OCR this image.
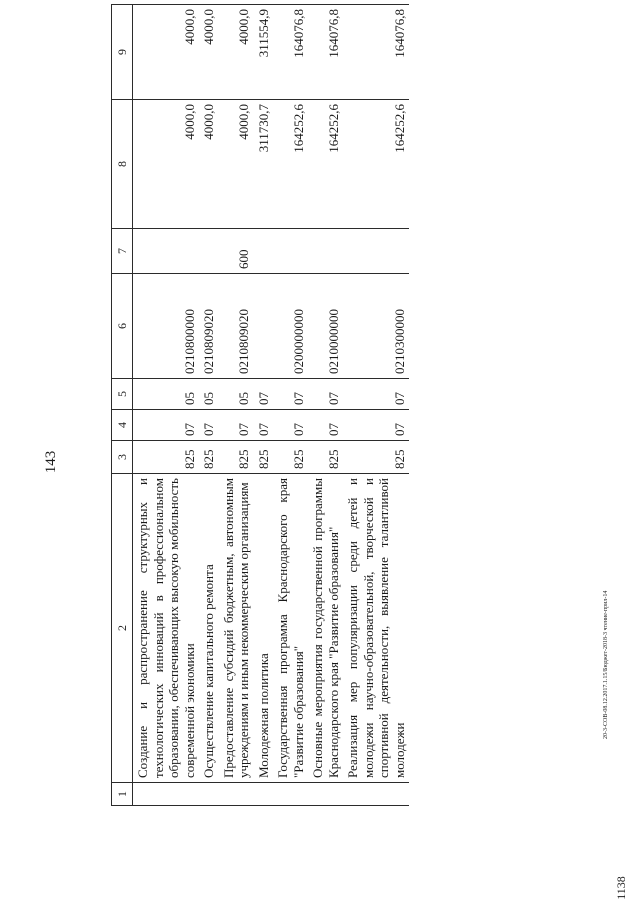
143
1	2	3	4	5	6	7	8	9
	Создание и распространение структурных и технологических инноваций в профессиональном образовании, обеспечивающих высокую мобильность современной экономики	825	07	05	0210800000		4000,0	4000,0
	Осуществление капитального ремонта	825	07	05	0210809020		4000,0	4000,0
	Предоставление субсидий бюджетным, автономным учреждениям и иным некоммерческим организациям	825	07	05	0210809020	600	4000,0	4000,0
	Молодежная политика	825	07	07			311730,7	311554,9
	Государственная программа Краснодарского края "Развитие образования"	825	07	07	0200000000		164252,6	164076,8
	Основные мероприятия государственной программы Краснодарского края "Развитие образования"	825	07	07	0210000000		164252,6	164076,8
	Реализация мер популяризации среди детей и молодежи научно-образовательной, творческой и спортивной деятельности, выявление талантливой молодежи	825	07	07	0210300000		164252,6	164076,8
20-3-СОВ-08.12.2017.1.15/Бюджет-2018-3 чтение-прил-14
1138
